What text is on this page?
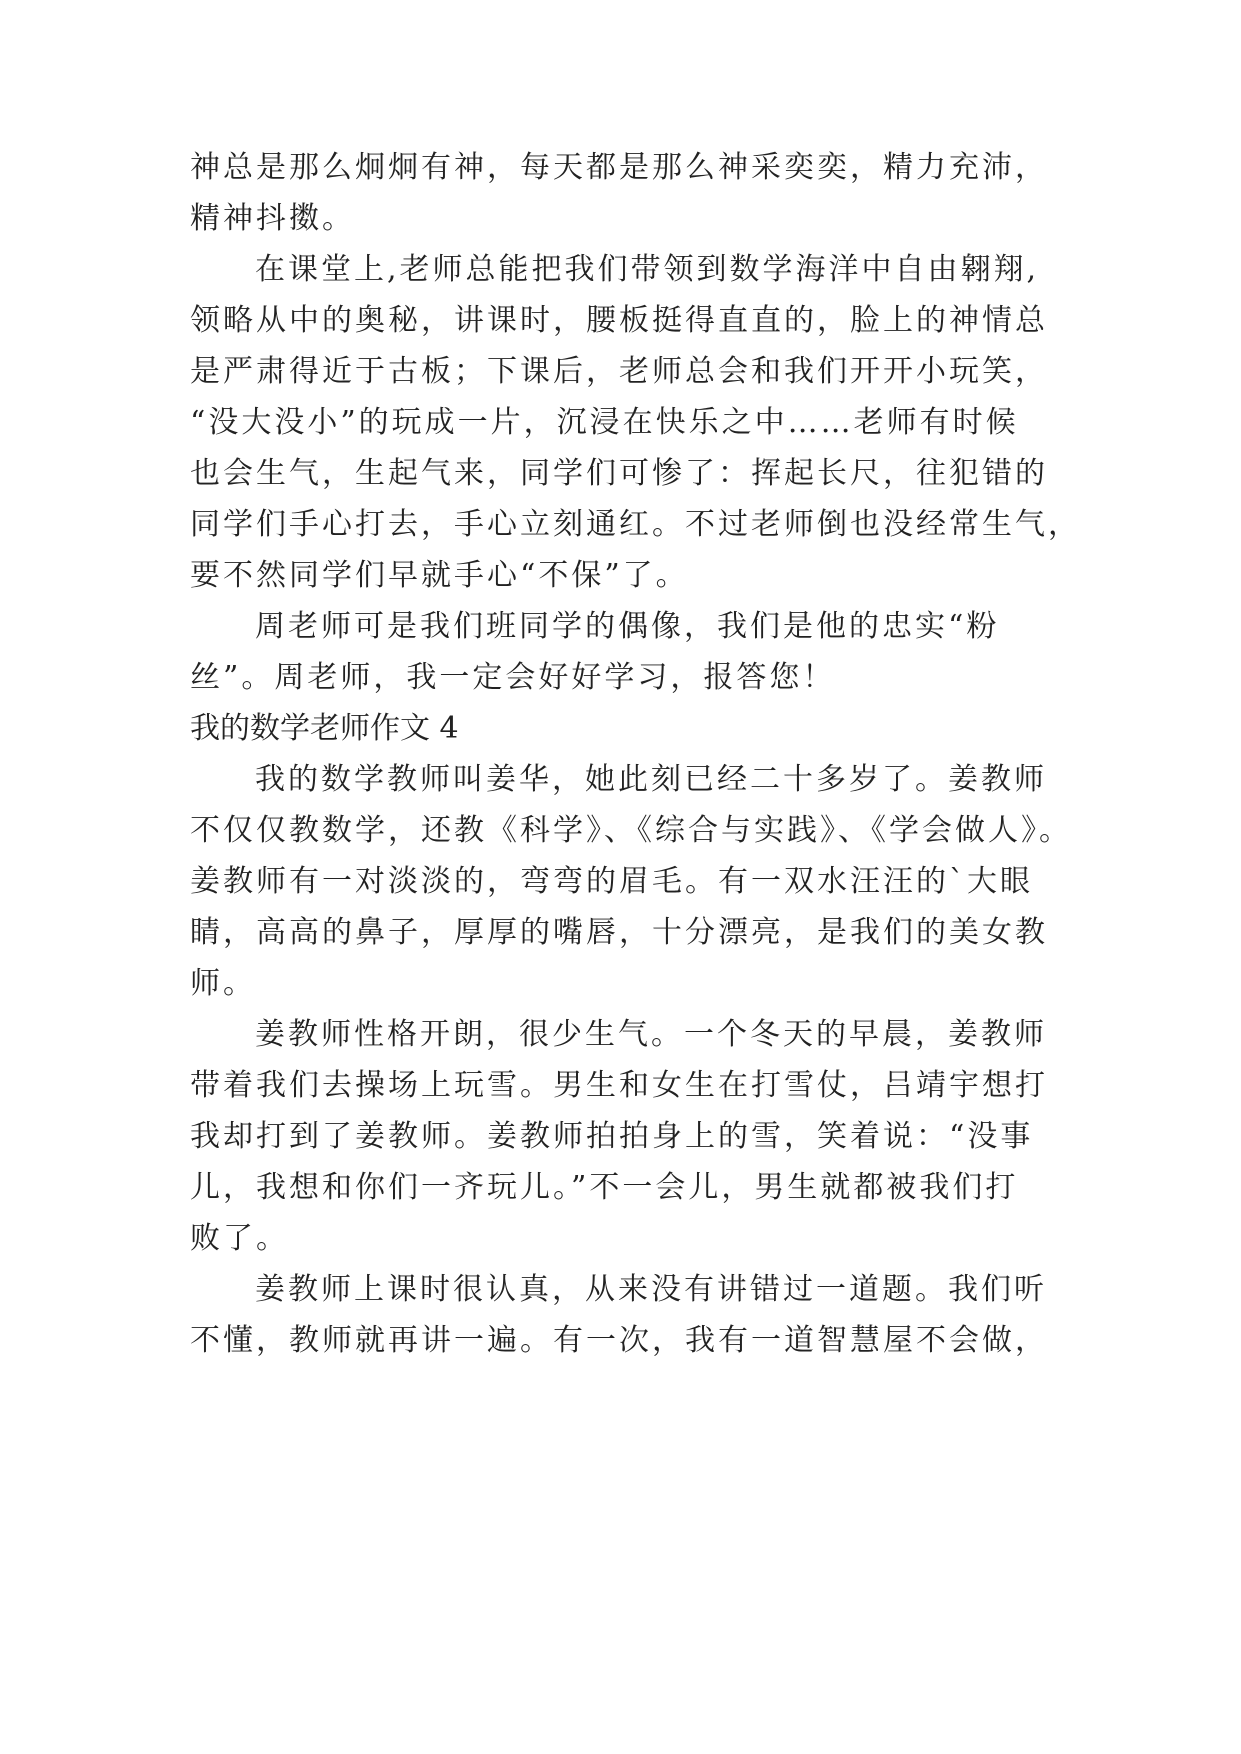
神总是那么炯炯有神，每天都是那么神采奕奕，精力充沛，
精神抖擞。
在课堂上,老师总能把我们带领到数学海洋中自由翱翔,
领略从中的奥秘，讲课时，腰板挺得直直的，脸上的神情总
是严肃得近于古板；下课后，老师总会和我们开开小玩笑，
“没大没小”的玩成一片，沉浸在快乐之中……老师有时候
也会生气，生起气来，同学们可惨了：挥起长尺，往犯错的
同学们手心打去，手心立刻通红。不过老师倒也没经常生气，
要不然同学们早就手心“不保”了。
周老师可是我们班同学的偶像，我们是他的忠实“粉
丝”。周老师，我一定会好好学习，报答您！
我的数学老师作文 4
我的数学教师叫姜华，她此刻已经二十多岁了。姜教师
不仅仅教数学，还教《科学》、《综合与实践》、《学会做人》。
姜教师有一对淡淡的，弯弯的眉毛。有一双水汪汪的`大眼
睛，高高的鼻子，厚厚的嘴唇，十分漂亮，是我们的美女教
师。
姜教师性格开朗，很少生气。一个冬天的早晨，姜教师
带着我们去操场上玩雪。男生和女生在打雪仗，吕靖宇想打
我却打到了姜教师。姜教师拍拍身上的雪，笑着说：“没事
儿，我想和你们一齐玩儿。”不一会儿，男生就都被我们打
败了。
姜教师上课时很认真，从来没有讲错过一道题。我们听
不懂，教师就再讲一遍。有一次，我有一道智慧屋不会做，
